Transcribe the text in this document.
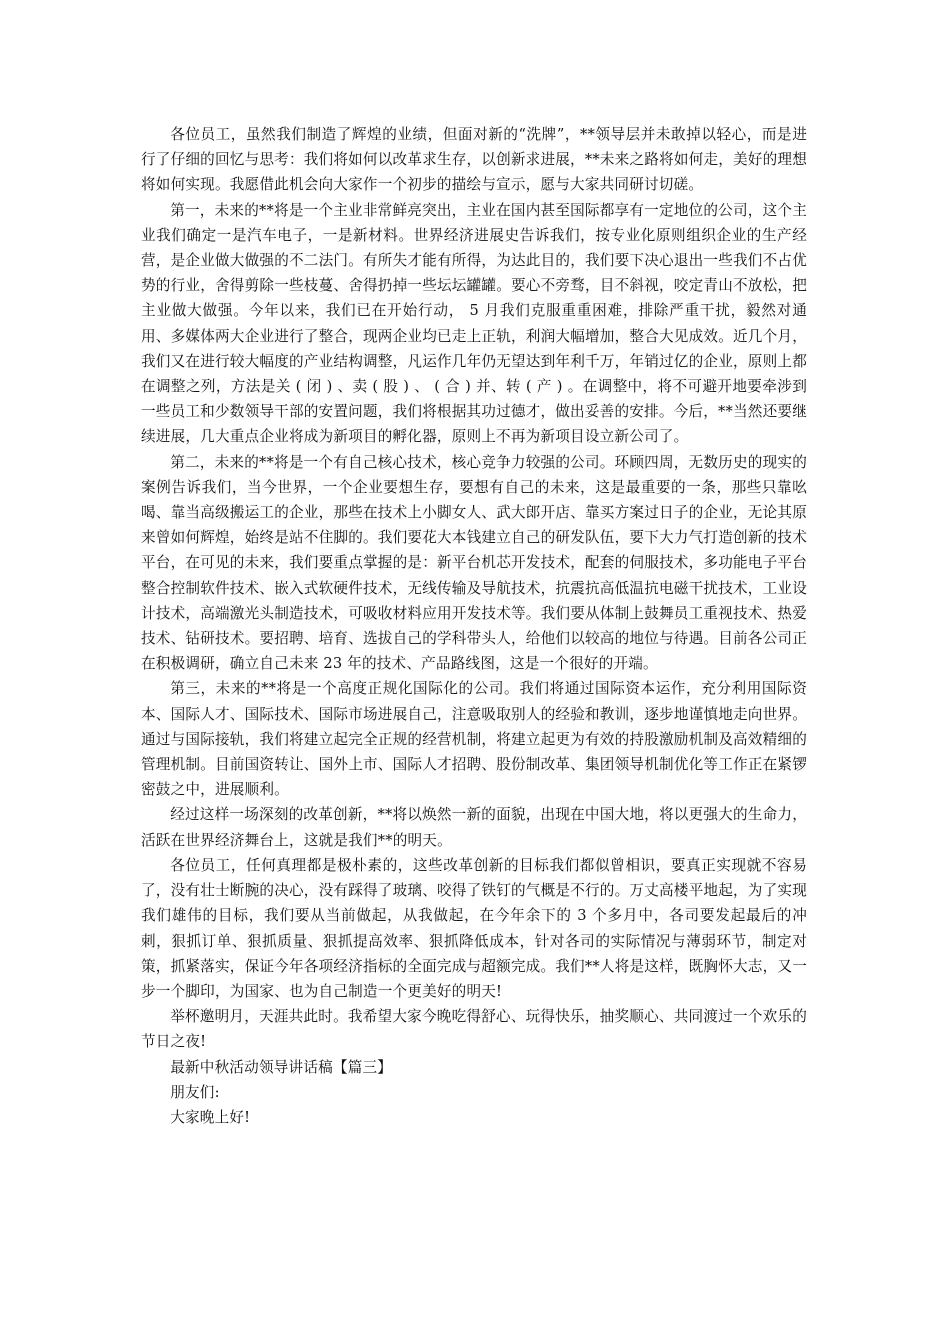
各位员工，虽然我们制造了辉煌的业绩，但面对新的“洗牌”，**领导层并未敢掉以轻心，而是进行了仔细的回忆与思考：我们将如何以改革求生存，以创新求进展，**未来之路将如何走，美好的理想将如何实现。我愿借此机会向大家作一个初步的描绘与宣示，愿与大家共同研讨切磋。

第一，未来的**将是一个主业非常鲜亮突出，主业在国内甚至国际都享有一定地位的公司，这个主业我们确定一是汽车电子，一是新材料。世界经济进展史告诉我们，按专业化原则组织企业的生产经营，是企业做大做强的不二法门。有所失才能有所得，为达此目的，我们要下决心退出一些我们不占优势的行业，舍得剪除一些枝蔓、舍得扔掉一些坛坛罐罐。要心不旁骛，目不斜视，咬定青山不放松，把主业做大做强。今年以来，我们已在开始行动， 5 月我们克服重重困难，排除严重干扰，毅然对通用、多媒体两大企业进行了整合，现两企业均已走上正轨，利润大幅增加，整合大见成效。近几个月，我们又在进行较大幅度的产业结构调整，凡运作几年仍无望达到年利千万，年销过亿的企业，原则上都在调整之列，方法是关 ( 闭 ) 、卖 ( 股 ) 、 ( 合 ) 并、转 ( 产 ) 。在调整中，将不可避开地要牵涉到一些员工和少数领导干部的安置问题，我们将根据其功过德才，做出妥善的安排。今后，**当然还要继续进展，几大重点企业将成为新项目的孵化器，原则上不再为新项目设立新公司了。

第二，未来的**将是一个有自己核心技术，核心竞争力较强的公司。环顾四周，无数历史的现实的案例告诉我们，当今世界，一个企业要想生存，要想有自己的未来，这是最重要的一条，那些只靠吆喝、靠当高级搬运工的企业，那些在技术上小脚女人、武大郎开店、靠买方案过日子的企业，无论其原来曾如何辉煌，始终是站不住脚的。我们要花大本钱建立自己的研发队伍，要下大力气打造创新的技术平台，在可见的未来，我们要重点掌握的是：新平台机芯开发技术，配套的伺服技术，多功能电子平台整合控制软件技术、嵌入式软硬件技术，无线传输及导航技术，抗震抗高低温抗电磁干扰技术，工业设计技术，高端激光头制造技术，可吸收材料应用开发技术等。我们要从体制上鼓舞员工重视技术、热爱技术、钻研技术。要招聘、培育、选拔自己的学科带头人，给他们以较高的地位与待遇。目前各公司正在积极调研，确立自己未来 23 年的技术、产品路线图，这是一个很好的开端。

第三，未来的**将是一个高度正规化国际化的公司。我们将通过国际资本运作，充分利用国际资本、国际人才、国际技术、国际市场进展自己，注意吸取别人的经验和教训，逐步地谨慎地走向世界。通过与国际接轨，我们将建立起完全正规的经营机制，将建立起更为有效的持股激励机制及高效精细的管理机制。目前国资转让、国外上市、国际人才招聘、股份制改革、集团领导机制优化等工作正在紧锣密鼓之中，进展顺利。

经过这样一场深刻的改革创新，**将以焕然一新的面貌，出现在中国大地，将以更强大的生命力，活跃在世界经济舞台上，这就是我们**的明天。

各位员工，任何真理都是极朴素的，这些改革创新的目标我们都似曾相识，要真正实现就不容易了，没有壮士断腕的决心，没有踩得了玻璃、咬得了铁钉的气概是不行的。万丈高楼平地起，为了实现我们雄伟的目标，我们要从当前做起，从我做起，在今年余下的 3 个多月中，各司要发起最后的冲刺，狠抓订单、狠抓质量、狠抓提高效率、狠抓降低成本，针对各司的实际情况与薄弱环节，制定对策，抓紧落实，保证今年各项经济指标的全面完成与超额完成。我们**人将是这样，既胸怀大志，又一步一个脚印，为国家、也为自己制造一个更美好的明天!

举杯邀明月，天涯共此时。我希望大家今晚吃得舒心、玩得快乐，抽奖顺心、共同渡过一个欢乐的节日之夜!

最新中秋活动领导讲话稿【篇三】

朋友们:

大家晚上好!
